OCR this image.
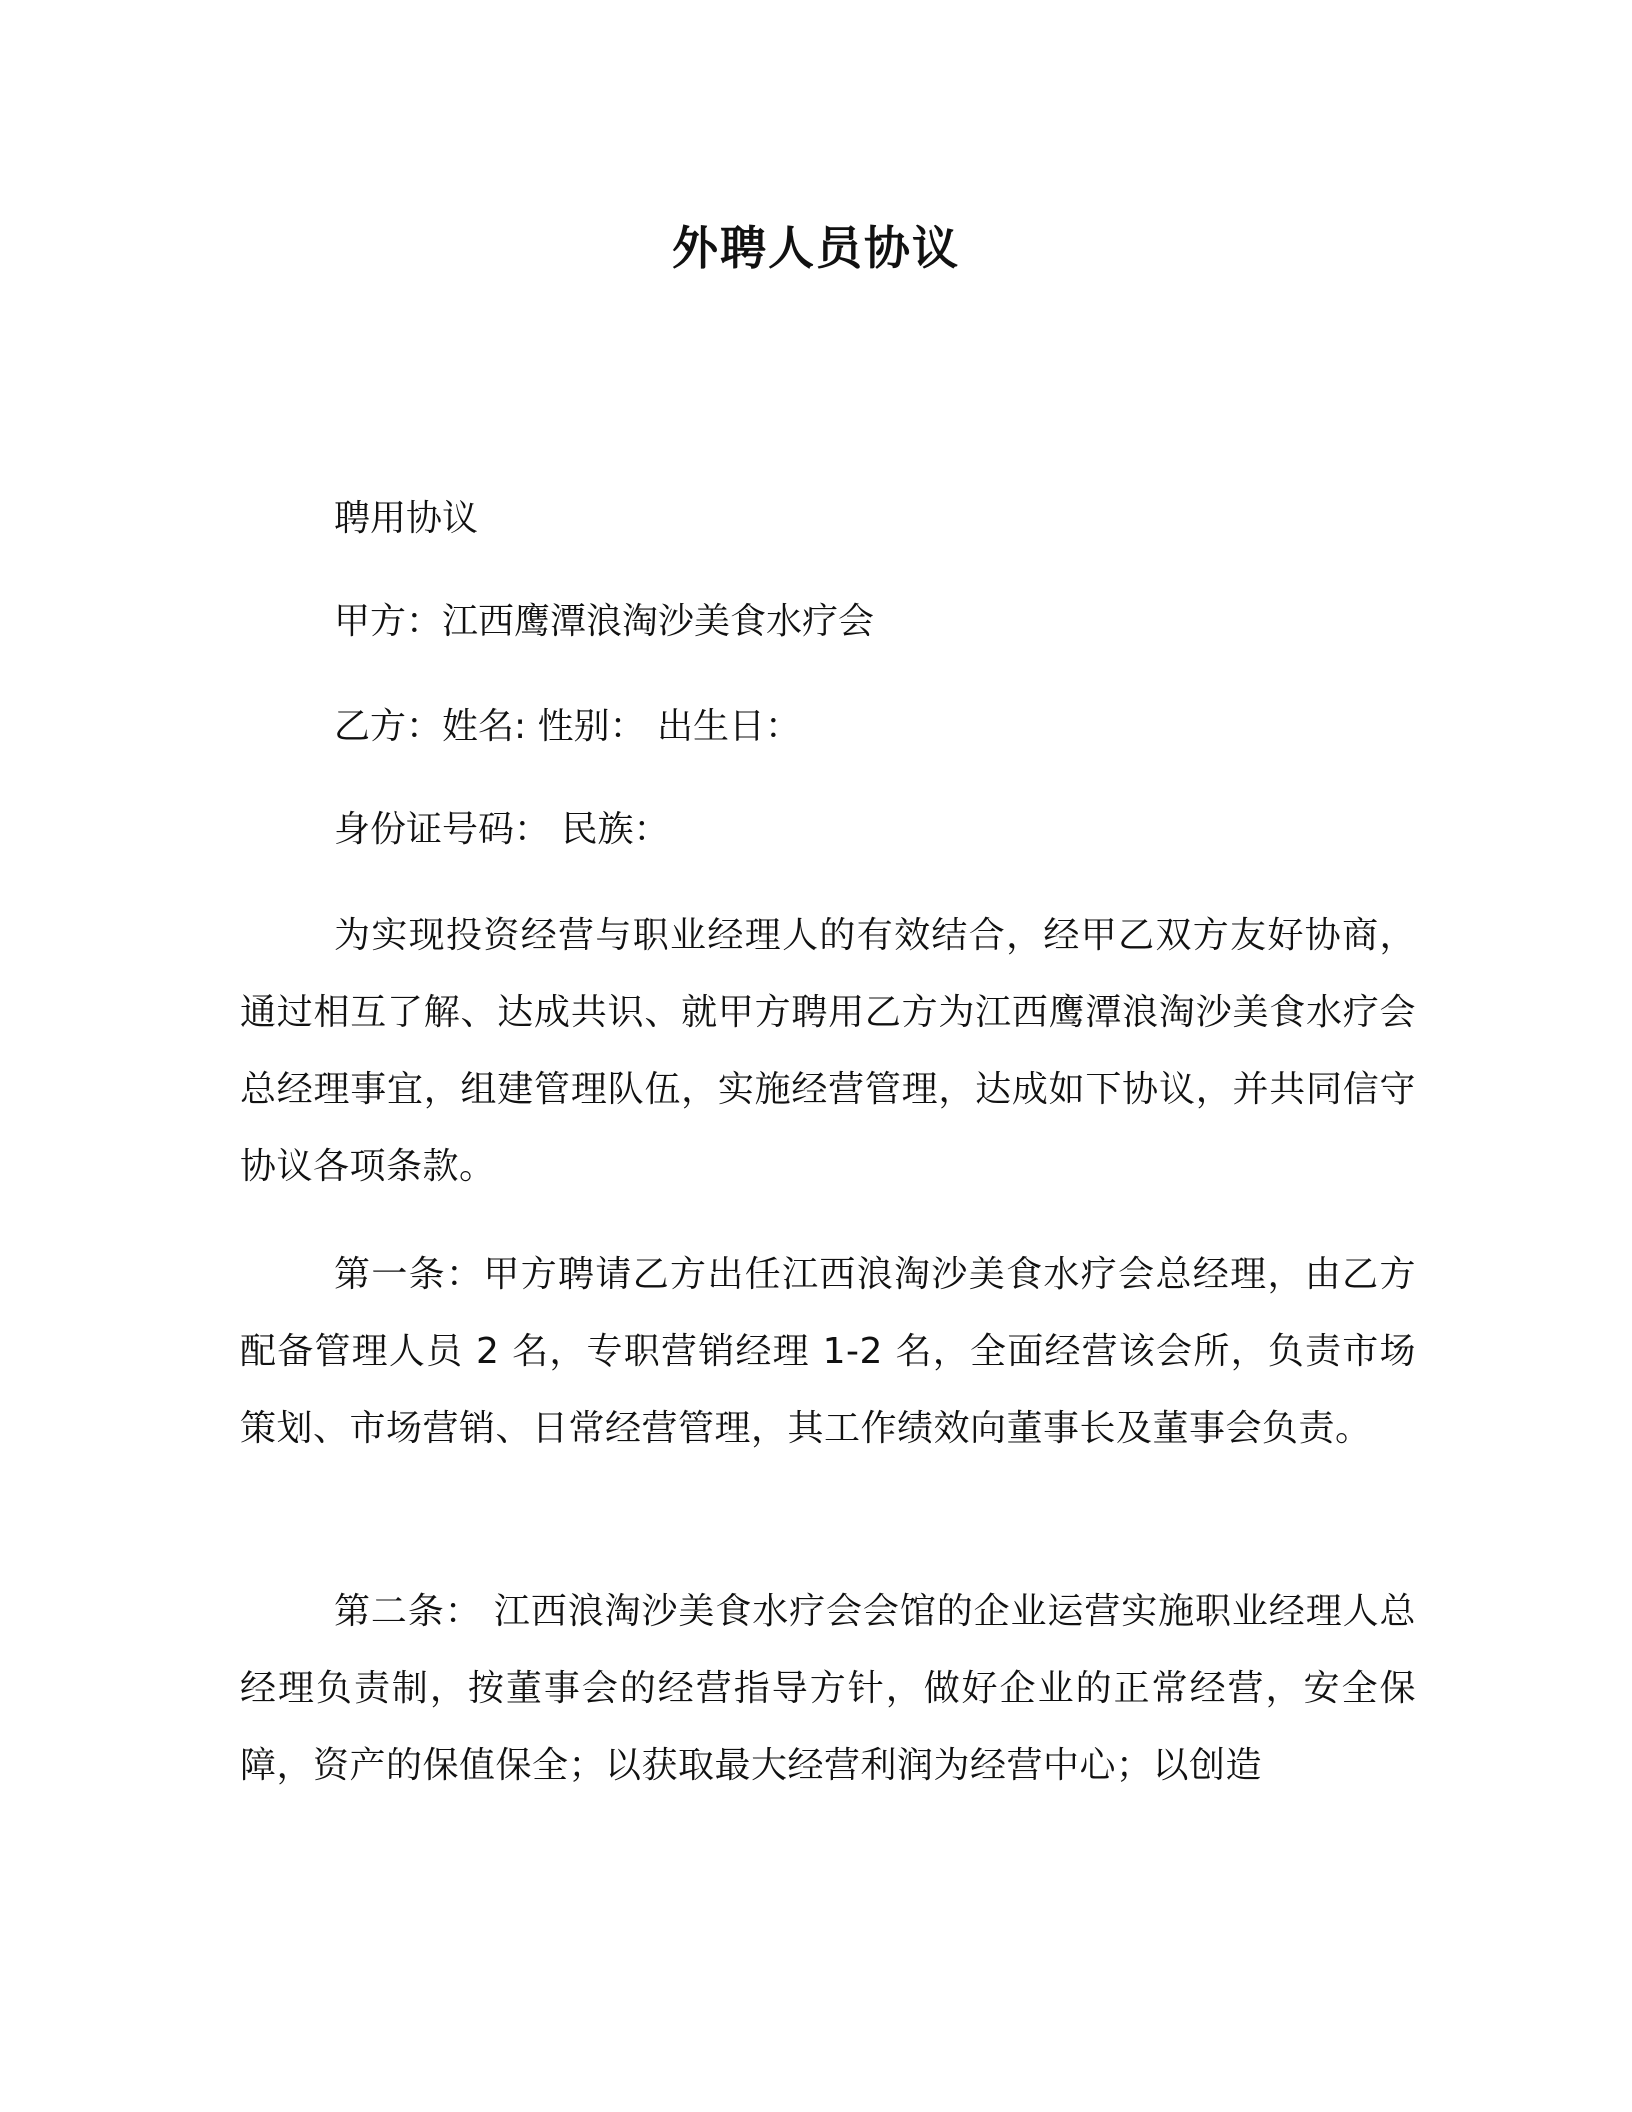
外聘人员协议
聘用协议
甲方：江西鹰潭浪淘沙美食水疗会
乙方：姓名: 性别： 出生日：
身份证号码： 民族：

为实现投资经营与职业经理人的有效结合，经甲乙双方友好协商，通过相互了解、达成共识、就甲方聘用乙方为江西鹰潭浪淘沙美食水疗会总经理事宜，组建管理队伍，实施经营管理，达成如下协议，并共同信守协议各项条款。

第一条：甲方聘请乙方出任江西浪淘沙美食水疗会总经理，由乙方配备管理人员 2 名，专职营销经理 1-2 名，全面经营该会所，负责市场策划、市场营销、日常经营管理，其工作绩效向董事长及董事会负责。

第二条： 江西浪淘沙美食水疗会会馆的企业运营实施职业经理人总经理负责制，按董事会的经营指导方针，做好企业的正常经营，安全保障，资产的保值保全；以获取最大经营利润为经营中心；以创造
